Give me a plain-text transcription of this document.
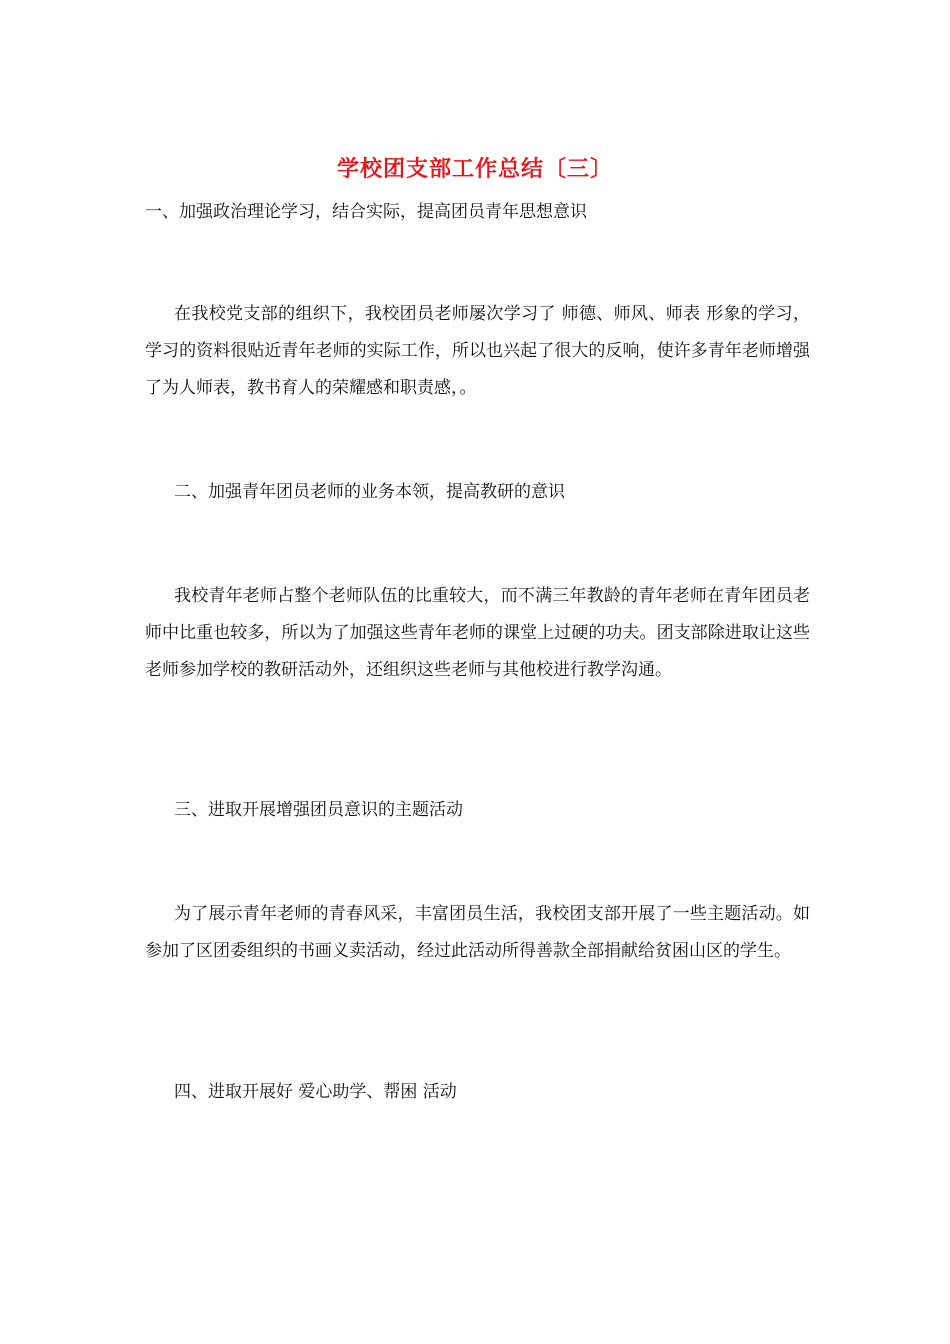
学校团支部工作总结〔三〕
一、加强政治理论学习，结合实际，提高团员青年思想意识
在我校党支部的组织下，我校团员老师屡次学习了 师德、师风、师表 形象的学习，学习的资料很贴近青年老师的实际工作，所以也兴起了很大的反响，使许多青年老师增强了为人师表，教书育人的荣耀感和职责感，。
二、加强青年团员老师的业务本领，提高教研的意识
我校青年老师占整个老师队伍的比重较大，而不满三年教龄的青年老师在青年团员老师中比重也较多，所以为了加强这些青年老师的课堂上过硬的功夫。团支部除进取让这些老师参加学校的教研活动外，还组织这些老师与其他校进行教学沟通。
三、进取开展增强团员意识的主题活动
为了展示青年老师的青春风采，丰富团员生活，我校团支部开展了一些主题活动。如参加了区团委组织的书画义卖活动，经过此活动所得善款全部捐献给贫困山区的学生。
四、进取开展好 爱心助学、帮困 活动
